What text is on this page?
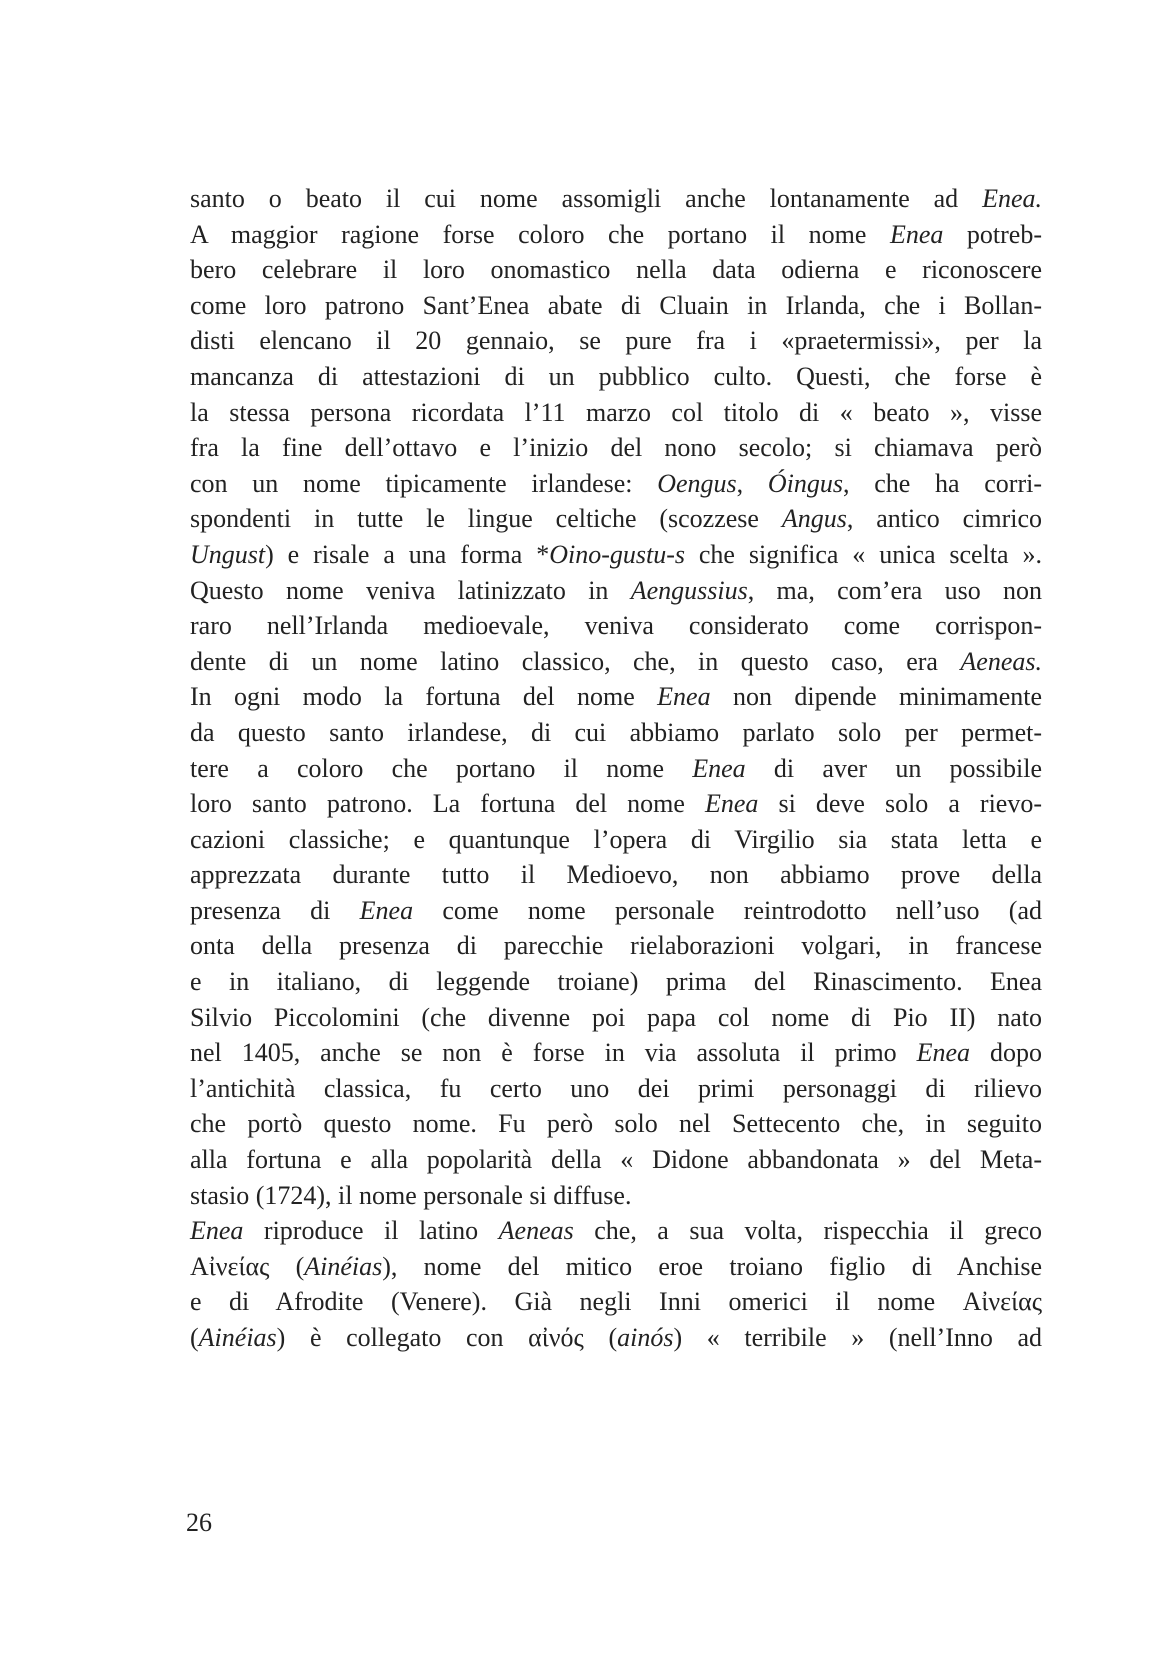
santo o beato il cui nome assomigli anche lontanamente ad Enea.
A maggior ragione forse coloro che portano il nome Enea potreb-
bero celebrare il loro onomastico nella data odierna e riconoscere
come loro patrono Sant’Enea abate di Cluain in Irlanda, che i Bollan-
disti elencano il 20 gennaio, se pure fra i «praetermissi», per la
mancanza di attestazioni di un pubblico culto. Questi, che forse è
la stessa persona ricordata l’11 marzo col titolo di « beato », visse
fra la fine dell’ottavo e l’inizio del nono secolo; si chiamava però
con un nome tipicamente irlandese: Oengus, Óingus, che ha corri-
spondenti in tutte le lingue celtiche (scozzese Angus, antico cimrico
Ungust) e risale a una forma *Oino-gustu-s che significa « unica scelta ».
Questo nome veniva latinizzato in Aengussius, ma, com’era uso non
raro nell’Irlanda medioevale, veniva considerato come corrispon-
dente di un nome latino classico, che, in questo caso, era Aeneas.
In ogni modo la fortuna del nome Enea non dipende minimamente
da questo santo irlandese, di cui abbiamo parlato solo per permet-
tere a coloro che portano il nome Enea di aver un possibile
loro santo patrono. La fortuna del nome Enea si deve solo a rievo-
cazioni classiche; e quantunque l’opera di Virgilio sia stata letta e
apprezzata durante tutto il Medioevo, non abbiamo prove della
presenza di Enea come nome personale reintrodotto nell’uso (ad
onta della presenza di parecchie rielaborazioni volgari, in francese
e in italiano, di leggende troiane) prima del Rinascimento. Enea
Silvio Piccolomini (che divenne poi papa col nome di Pio II) nato
nel 1405, anche se non è forse in via assoluta il primo Enea dopo
l’antichità classica, fu certo uno dei primi personaggi di rilievo
che portò questo nome. Fu però solo nel Settecento che, in seguito
alla fortuna e alla popolarità della « Didone abbandonata » del Meta-
stasio (1724), il nome personale si diffuse.
Enea riproduce il latino Aeneas che, a sua volta, rispecchia il greco
Αἰνείας (Ainéias), nome del mitico eroe troiano figlio di Anchise
e di Afrodite (Venere). Già negli Inni omerici il nome Αἰνείας
(Ainéias) è collegato con αἰνός (ainós) « terribile » (nell’Inno ad
26
